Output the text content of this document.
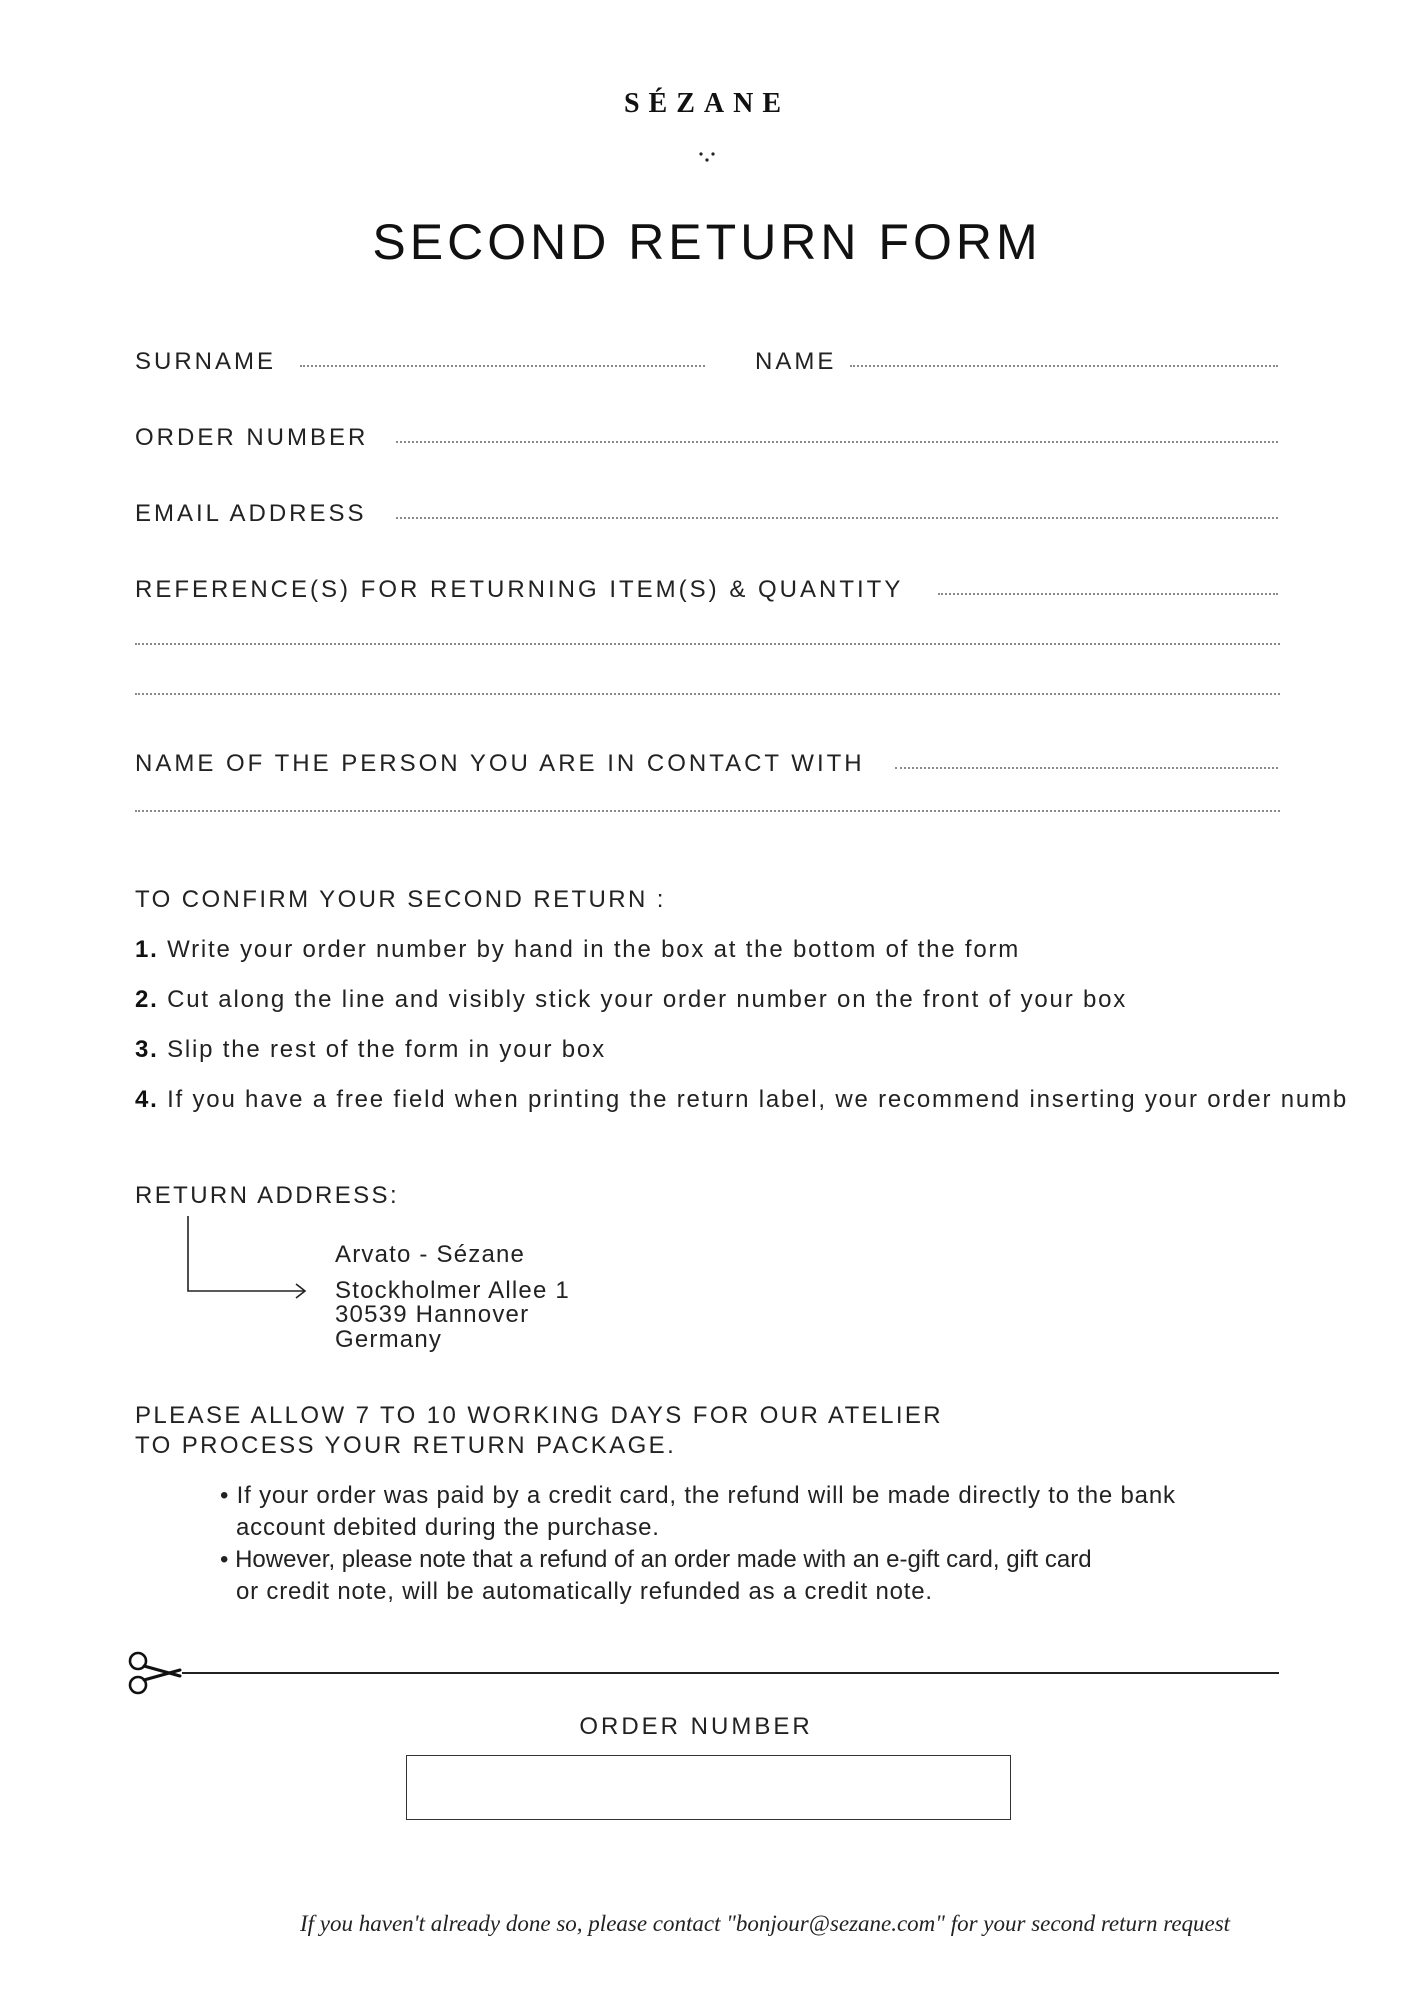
SÉZANE
SECOND RETURN FORM
SURNAME	NAME
ORDER NUMBER
EMAIL ADDRESS
REFERENCE(S) FOR RETURNING ITEM(S) & QUANTITY
NAME OF THE PERSON YOU ARE IN CONTACT WITH
TO CONFIRM YOUR SECOND RETURN :
1. Write your order number by hand in the box at the bottom of the form
2. Cut along the line and visibly stick your order number on the front of your box
3. Slip the rest of the form in your box
4. If you have a free field when printing the return label, we recommend inserting your order numb
RETURN ADDRESS:
Arvato - Sézane
Stockholmer Allee 1
30539 Hannover
Germany
PLEASE ALLOW 7 TO 10 WORKING DAYS FOR OUR ATELIER
TO PROCESS YOUR RETURN PACKAGE.
• If your order was paid by a credit card, the refund will be made directly to the bank
account debited during the purchase.
• However, please note that a refund of an order made with an e-gift card, gift card
or credit note, will be automatically refunded as a credit note.
ORDER NUMBER
If you haven't already done so, please contact "bonjour@sezane.com" for your second return request
